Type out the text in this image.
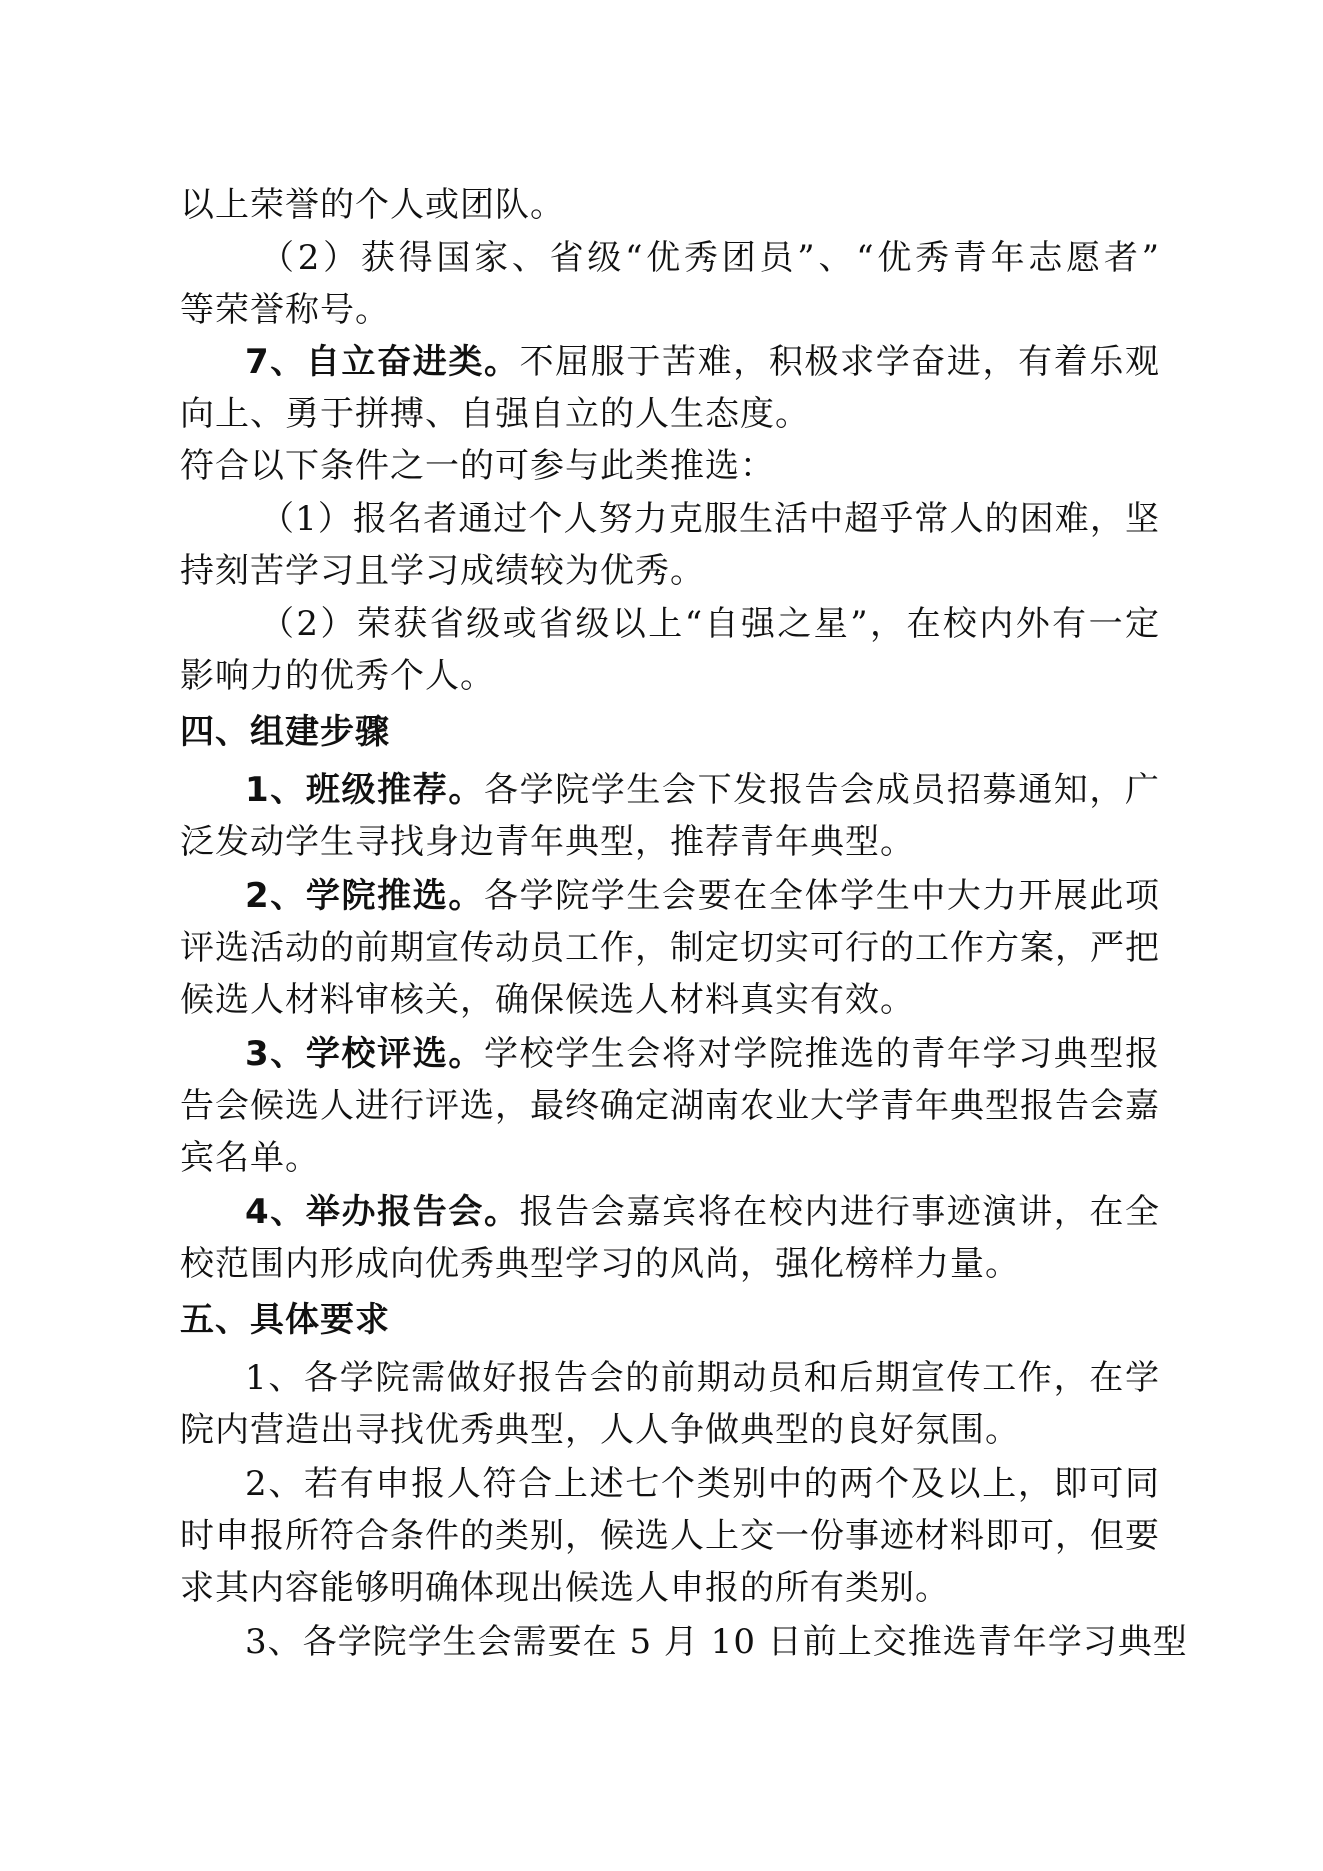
以上荣誉的个人或团队。
（2）获得国家、省级“优秀团员”、“优秀青年志愿者”
等荣誉称号。
7、自立奋进类。不屈服于苦难，积极求学奋进，有着乐观
向上、勇于拼搏、自强自立的人生态度。
符合以下条件之一的可参与此类推选：
（1）报名者通过个人努力克服生活中超乎常人的困难，坚
持刻苦学习且学习成绩较为优秀。
（2）荣获省级或省级以上“自强之星”，在校内外有一定
影响力的优秀个人。
四、组建步骤
1、班级推荐。各学院学生会下发报告会成员招募通知，广
泛发动学生寻找身边青年典型，推荐青年典型。
2、学院推选。各学院学生会要在全体学生中大力开展此项
评选活动的前期宣传动员工作，制定切实可行的工作方案，严把
候选人材料审核关，确保候选人材料真实有效。
3、学校评选。学校学生会将对学院推选的青年学习典型报
告会候选人进行评选，最终确定湖南农业大学青年典型报告会嘉
宾名单。
4、举办报告会。报告会嘉宾将在校内进行事迹演讲，在全
校范围内形成向优秀典型学习的风尚，强化榜样力量。
五、具体要求
1、各学院需做好报告会的前期动员和后期宣传工作，在学
院内营造出寻找优秀典型，人人争做典型的良好氛围。
2、若有申报人符合上述七个类别中的两个及以上，即可同
时申报所符合条件的类别，候选人上交一份事迹材料即可，但要
求其内容能够明确体现出候选人申报的所有类别。
3、各学院学生会需要在 5 月 10 日前上交推选青年学习典型
